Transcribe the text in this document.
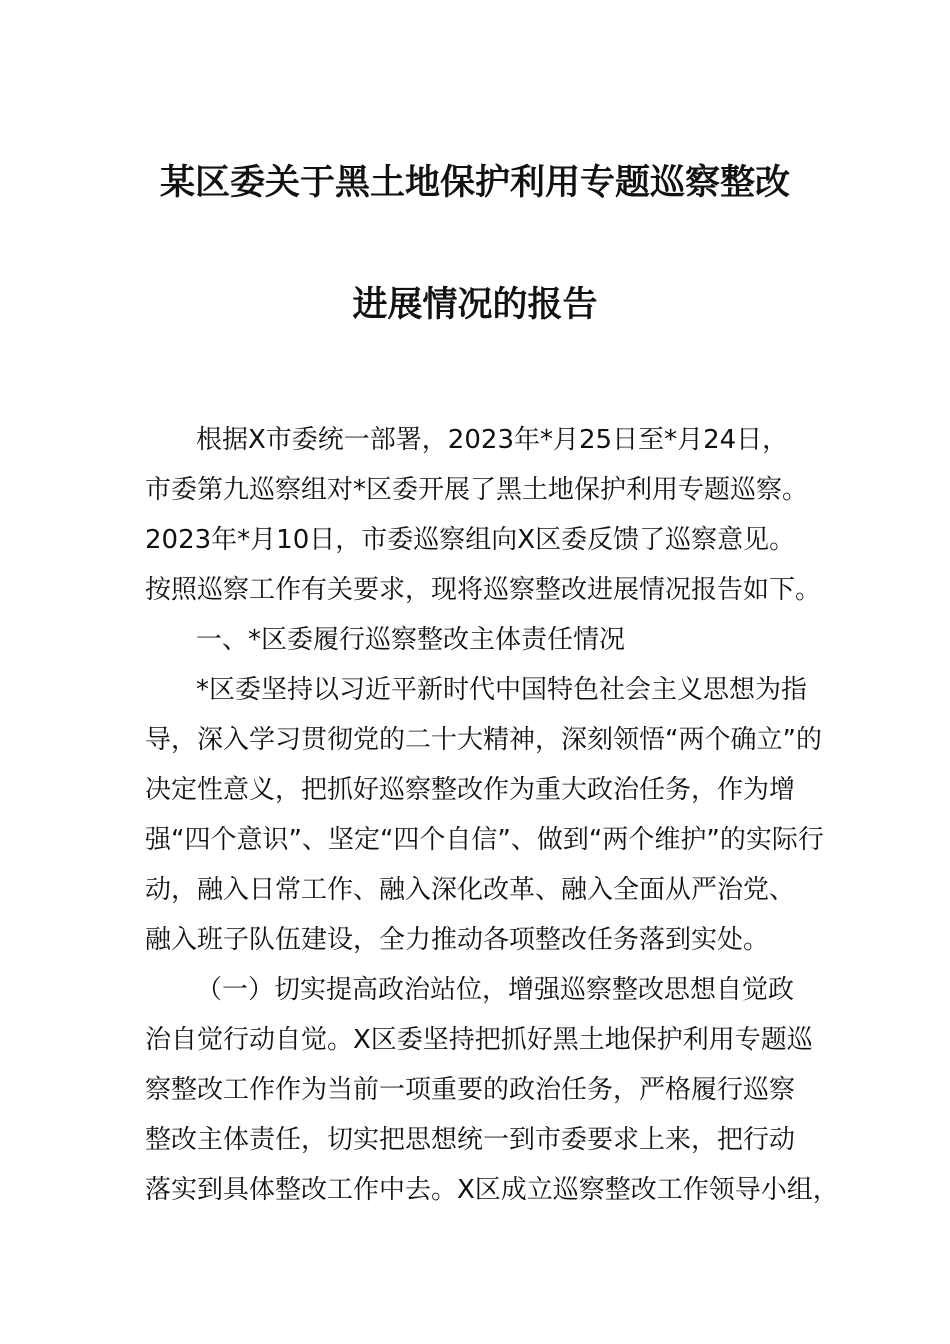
某区委关于黑土地保护利用专题巡察整改
进展情况的报告
根据X市委统一部署，2023年*月25日至*月24日，
市委第九巡察组对*区委开展了黑土地保护利用专题巡察。
2023年*月10日，市委巡察组向X区委反馈了巡察意见。
按照巡察工作有关要求，现将巡察整改进展情况报告如下。
一、*区委履行巡察整改主体责任情况
*区委坚持以习近平新时代中国特色社会主义思想为指
导，深入学习贯彻党的二十大精神，深刻领悟“两个确立”的
决定性意义，把抓好巡察整改作为重大政治任务，作为增
强“四个意识”、坚定“四个自信”、做到“两个维护”的实际行
动，融入日常工作、融入深化改革、融入全面从严治党、
融入班子队伍建设，全力推动各项整改任务落到实处。
（一）切实提高政治站位，增强巡察整改思想自觉政
治自觉行动自觉。X区委坚持把抓好黑土地保护利用专题巡
察整改工作作为当前一项重要的政治任务，严格履行巡察
整改主体责任，切实把思想统一到市委要求上来，把行动
落实到具体整改工作中去。X区成立巡察整改工作领导小组，
